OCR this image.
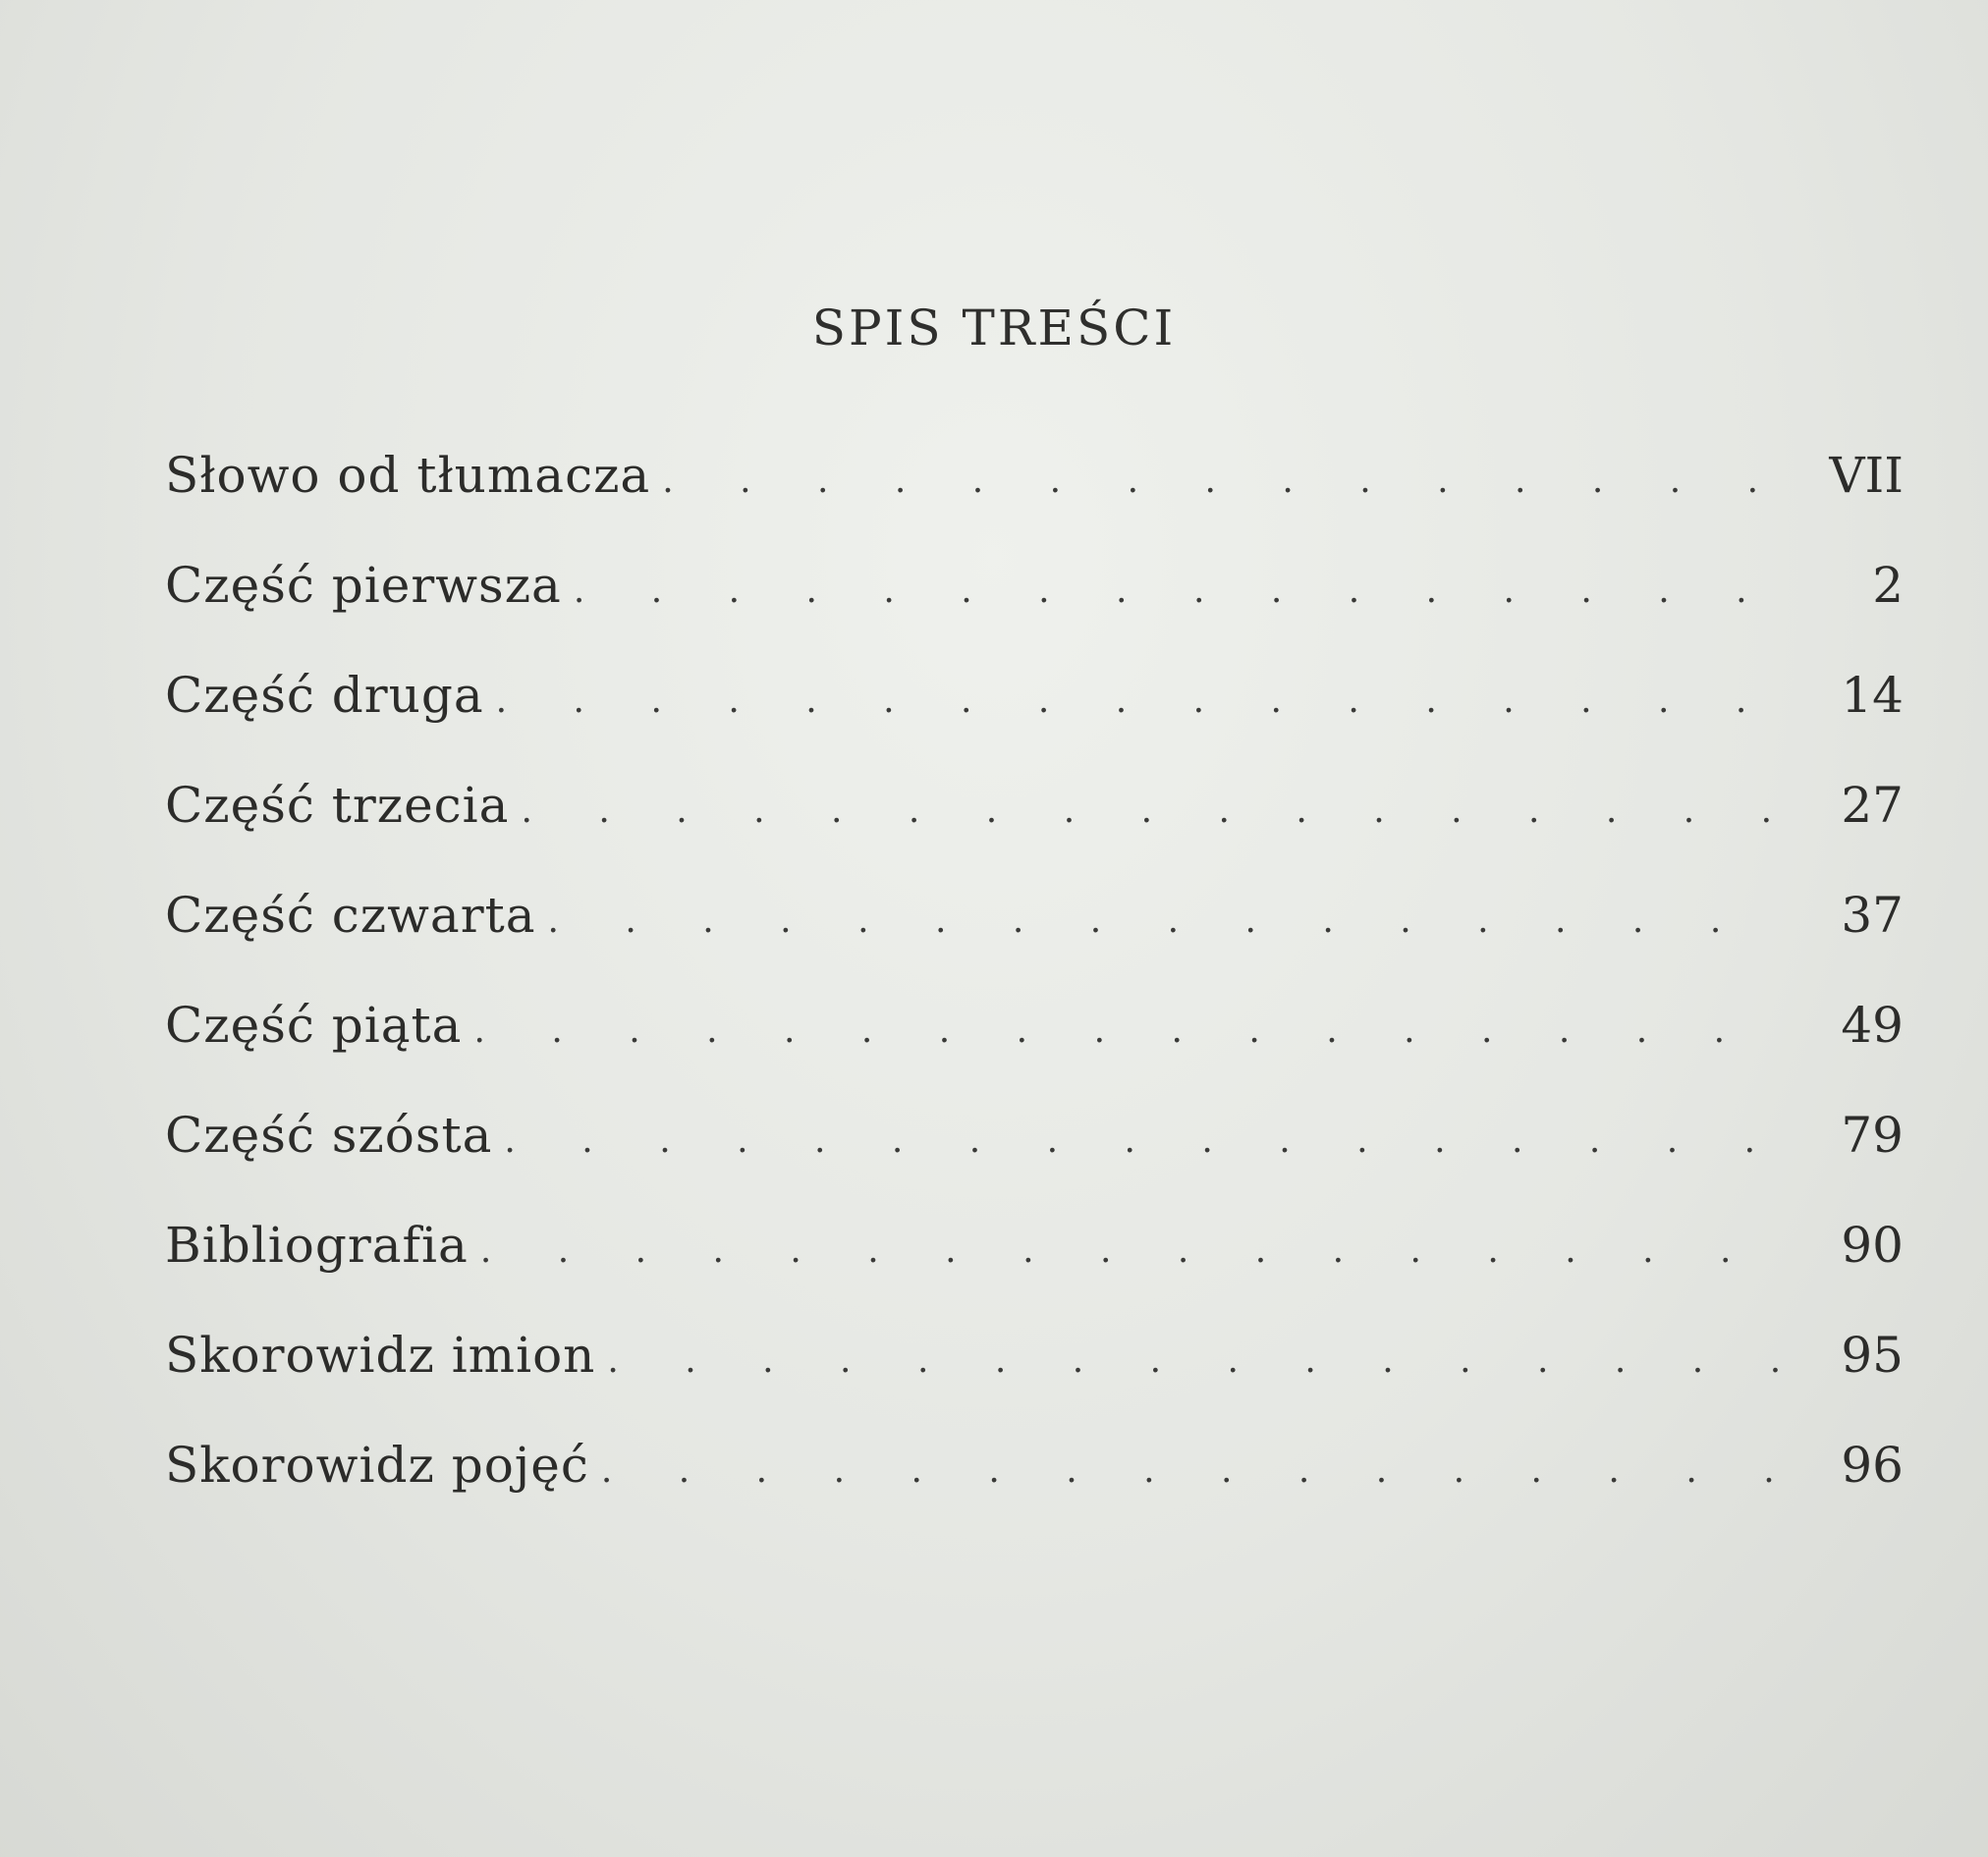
SPIS TREŚCI
Słowo od tłumacza . . .	VII
Część pierwsza . . .	2
Część druga . . .	14
Część trzecia . . .	27
Część czwarta . . .	37
Część piąta . . .	49
Część szósta . . .	79
Bibliografia . . .	90
Skorowidz imion . . .	95
Skorowidz pojęć . . .	96
